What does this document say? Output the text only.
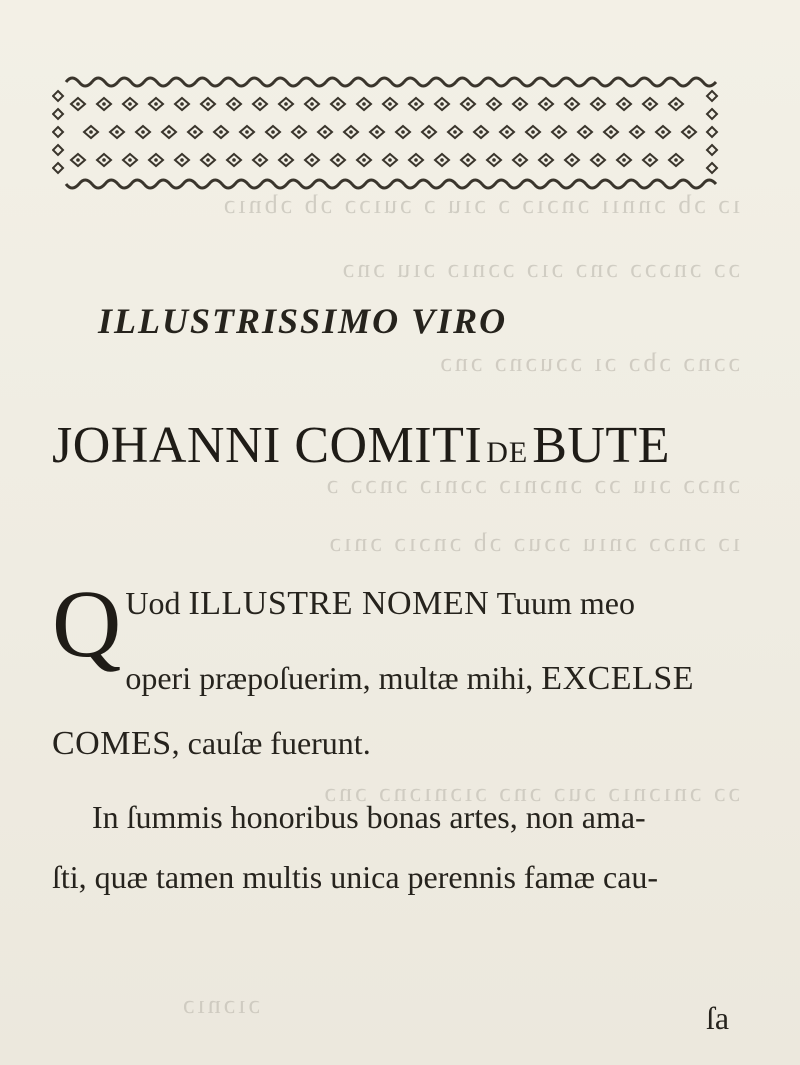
ıɔ ɔb ɔnnıı ɔnɔıɔ ɔ ɔıu ɔ ɔuıɔɔ ɔb ɔbnıɔ
ɔɔ ɔnɔɔɔ ɔnɔ ɔıɔ ɔɔnıɔ ɔıu ɔnɔ
ɔɔnɔ ɔbɔ ɔı ɔɔuɔnɔ ɔnɔ
ɔnɔɔ ɔıu ɔɔ ɔnɔnıɔ ɔɔnıɔ ɔnɔɔ ɔ
ıɔ ɔnɔɔ ɔnıu ɔɔuɔ ɔb ɔnɔıɔ ɔnıɔ
ɔɔ ɔnıɔnıɔ ɔuɔ ɔnɔ ɔıɔnıɔnɔ ɔnɔ
ɔıɔnıɔ
ILLUSTRISSIMO VIRO
JOHANNI COMITI DE BUTE
Q Uod ILLUSTRE NOMEN Tuum meo
operi præpoſuerim, multæ mihi, EXCELSE
COMES, cauſæ fuerunt.
In ſummis honoribus bonas artes, non ama-
ſti, quæ tamen multis unica perennis famæ cau-
ſa
